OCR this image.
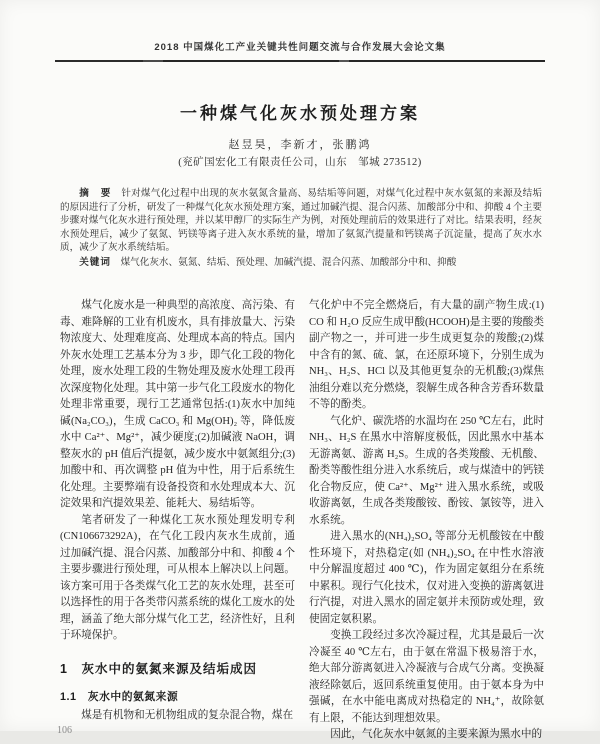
2018 中国煤化工产业关键共性问题交流与合作发展大会论文集
一种煤气化灰水预处理方案
赵昱昊，李新才，张鹏鸿
(兖矿国宏化工有限责任公司，山东　邹城 273512)

摘　要　 针对煤气化过程中出现的灰水氨氮含量高、易结垢等问题，对煤气化过程中灰水氨氮的来源及结垢的原因进行了分析，研发了一种煤气化灰水预处理方案，通过加碱汽提、混合闪蒸、加酸部分中和、抑酸 4 个主要步骤对煤气化灰水进行预处理，并以某甲醇厂的实际生产为例，对预处理前后的效果进行了对比。结果表明，经灰水预处理后，减少了氨氮、钙镁等离子进入灰水系统的量，增加了氨氮汽提量和钙镁离子沉淀量，提高了灰水水质，减少了灰水系统结垢。

关键词　 煤气化灰水、氨氮、结垢、预处理、加碱汽提、混合闪蒸、加酸部分中和、抑酸

煤气化废水是一种典型的高浓度、高污染、有毒、难降解的工业有机废水，具有排放量大、污染物浓度大、处理难度高、处理成本高的特点。国内外灰水处理工艺基本分为 3 步，即气化工段的物化处理，废水处理工段的生物处理及废水处理工段再次深度物化处理。其中第一步气化工段废水的物化处理非常重要，现行工艺通常包括:(1)灰水中加纯碱(Na₂CO₃)，生成 CaCO₃ 和 Mg(OH)₂ 等，降低废水中 Ca²⁺、Mg²⁺，减少硬度;(2)加碱液 NaOH，调整灰水的 pH 值后汽提氨，减少废水中氨氮组分;(3)加酸中和、再次调整 pH 值为中性，用于后系统生化处理。主要弊端有设备投资和水处理成本大、沉淀效果和汽提效果差、能耗大、易结垢等。

笔者研发了一种煤化工灰水预处理发明专利(CN106673292A)，在气化工段内灰水生成前，通过加碱汽提、混合闪蒸、加酸部分中和、抑酸 4 个主要步骤进行预处理，可从根本上解决以上问题。该方案可用于各类煤气化工艺的灰水处理，甚至可以选择性的用于各类带闪蒸系统的煤化工废水的处理，涵盖了绝大部分煤气化工艺，经济性好，且利于环境保护。

1　灰水中的氨氮来源及结垢成因
1.1　灰水中的氨氮来源

煤是有机物和无机物组成的复杂混合物，煤在

气化炉中不完全燃烧后，有大量的副产物生成:(1) CO 和 H₂O 反应生成甲酸(HCOOH)是主要的羧酸类副产物之一，并可进一步生成更复杂的羧酸;(2)煤中含有的氮、硫、氯，在还原环境下，分别生成为 NH₃、H₂S、HCl 以及其他更复杂的无机酸;(3)煤焦油组分难以充分燃烧，裂解生成各种含芳香环数量不等的酚类。

气化炉、碳洗塔的水温均在 250 ℃左右，此时 NH₃、H₂S 在黑水中溶解度极低，因此黑水中基本无游离氨、游离 H₂S。生成的各类羧酸、无机酸、酚类等酸性组分进入水系统后，或与煤渣中的钙镁化合物反应，使 Ca²⁺、Mg²⁺ 进入黑水系统，或吸收游离氨，生成各类羧酸铵、酚铵、氯铵等，进入水系统。

进入黑水的(NH₄)₂SO₄ 等部分无机酸铵在中酸性环境下，对热稳定(如 (NH₄)₂SO₄ 在中性水溶液中分解温度超过 400 ℃)，作为固定氨组分在系统中累积。现行气化技术，仅对进入变换的游离氨进行汽提，对进入黑水的固定氨并未预防或处理，致使固定氨积累。

变换工段经过多次冷凝过程，尤其是最后一次冷凝至 40 ℃左右，由于氨在常温下极易溶于水，绝大部分游离氨进入冷凝液与合成气分离。变换凝液经除氨后，返回系统重复使用。由于氨本身为中强碱，在水中能电离成对热稳定的 NH₄⁺，故除氨有上限，不能达到理想效果。

因此，气化灰水中氨氮的主要来源为黑水中的

106
